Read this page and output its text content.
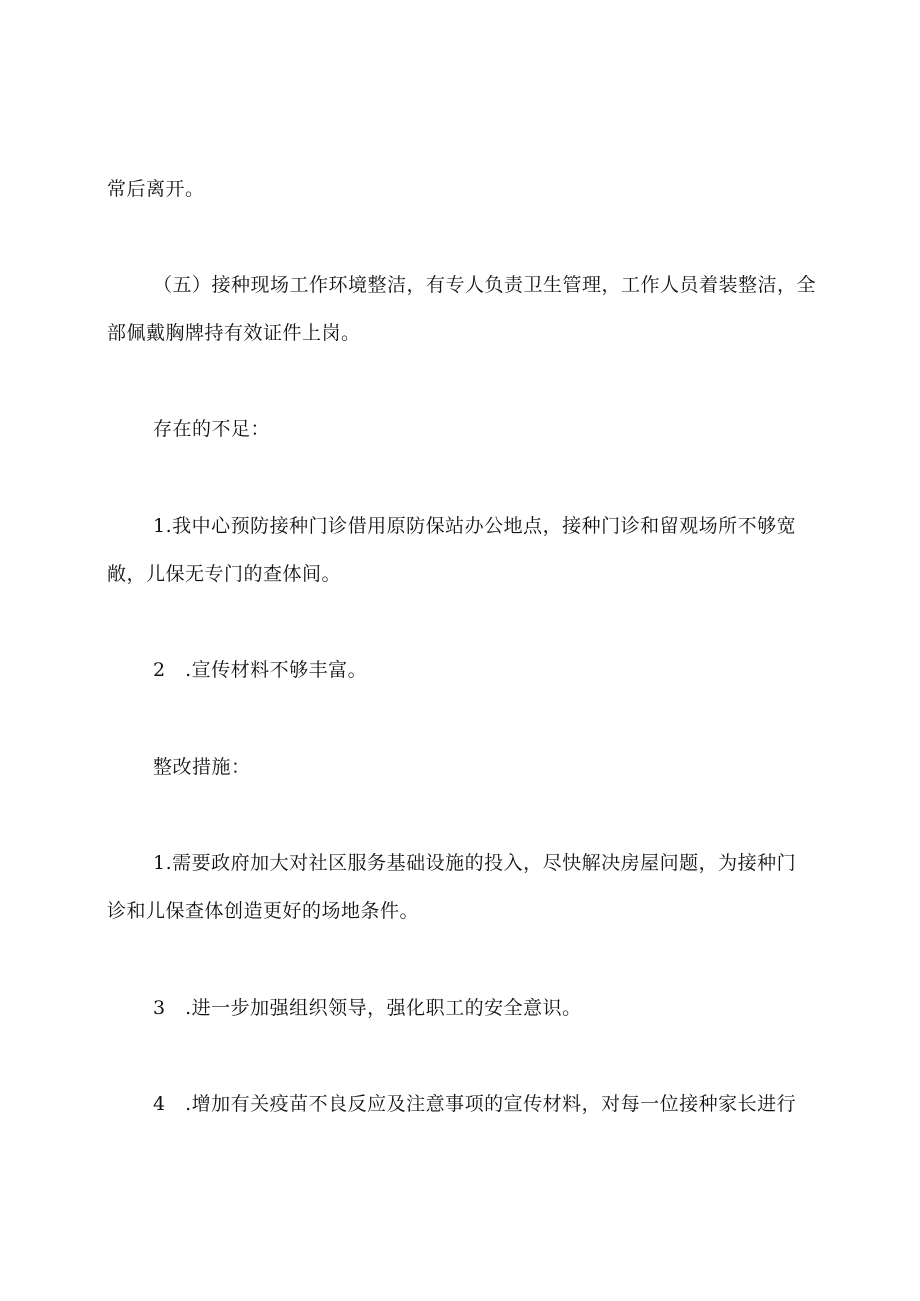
常后离开。
（五）接种现场工作环境整洁，有专人负责卫生管理，工作人员着装整洁，全
部佩戴胸牌持有效证件上岗。
存在的不足：
1.我中心预防接种门诊借用原防保站办公地点，接种门诊和留观场所不够宽
敞，儿保无专门的查体间。
2　.宣传材料不够丰富。
整改措施：
1.需要政府加大对社区服务基础设施的投入，尽快解决房屋问题，为接种门
诊和儿保查体创造更好的场地条件。
3　.进一步加强组织领导，强化职工的安全意识。
4　.增加有关疫苗不良反应及注意事项的宣传材料，对每一位接种家长进行
